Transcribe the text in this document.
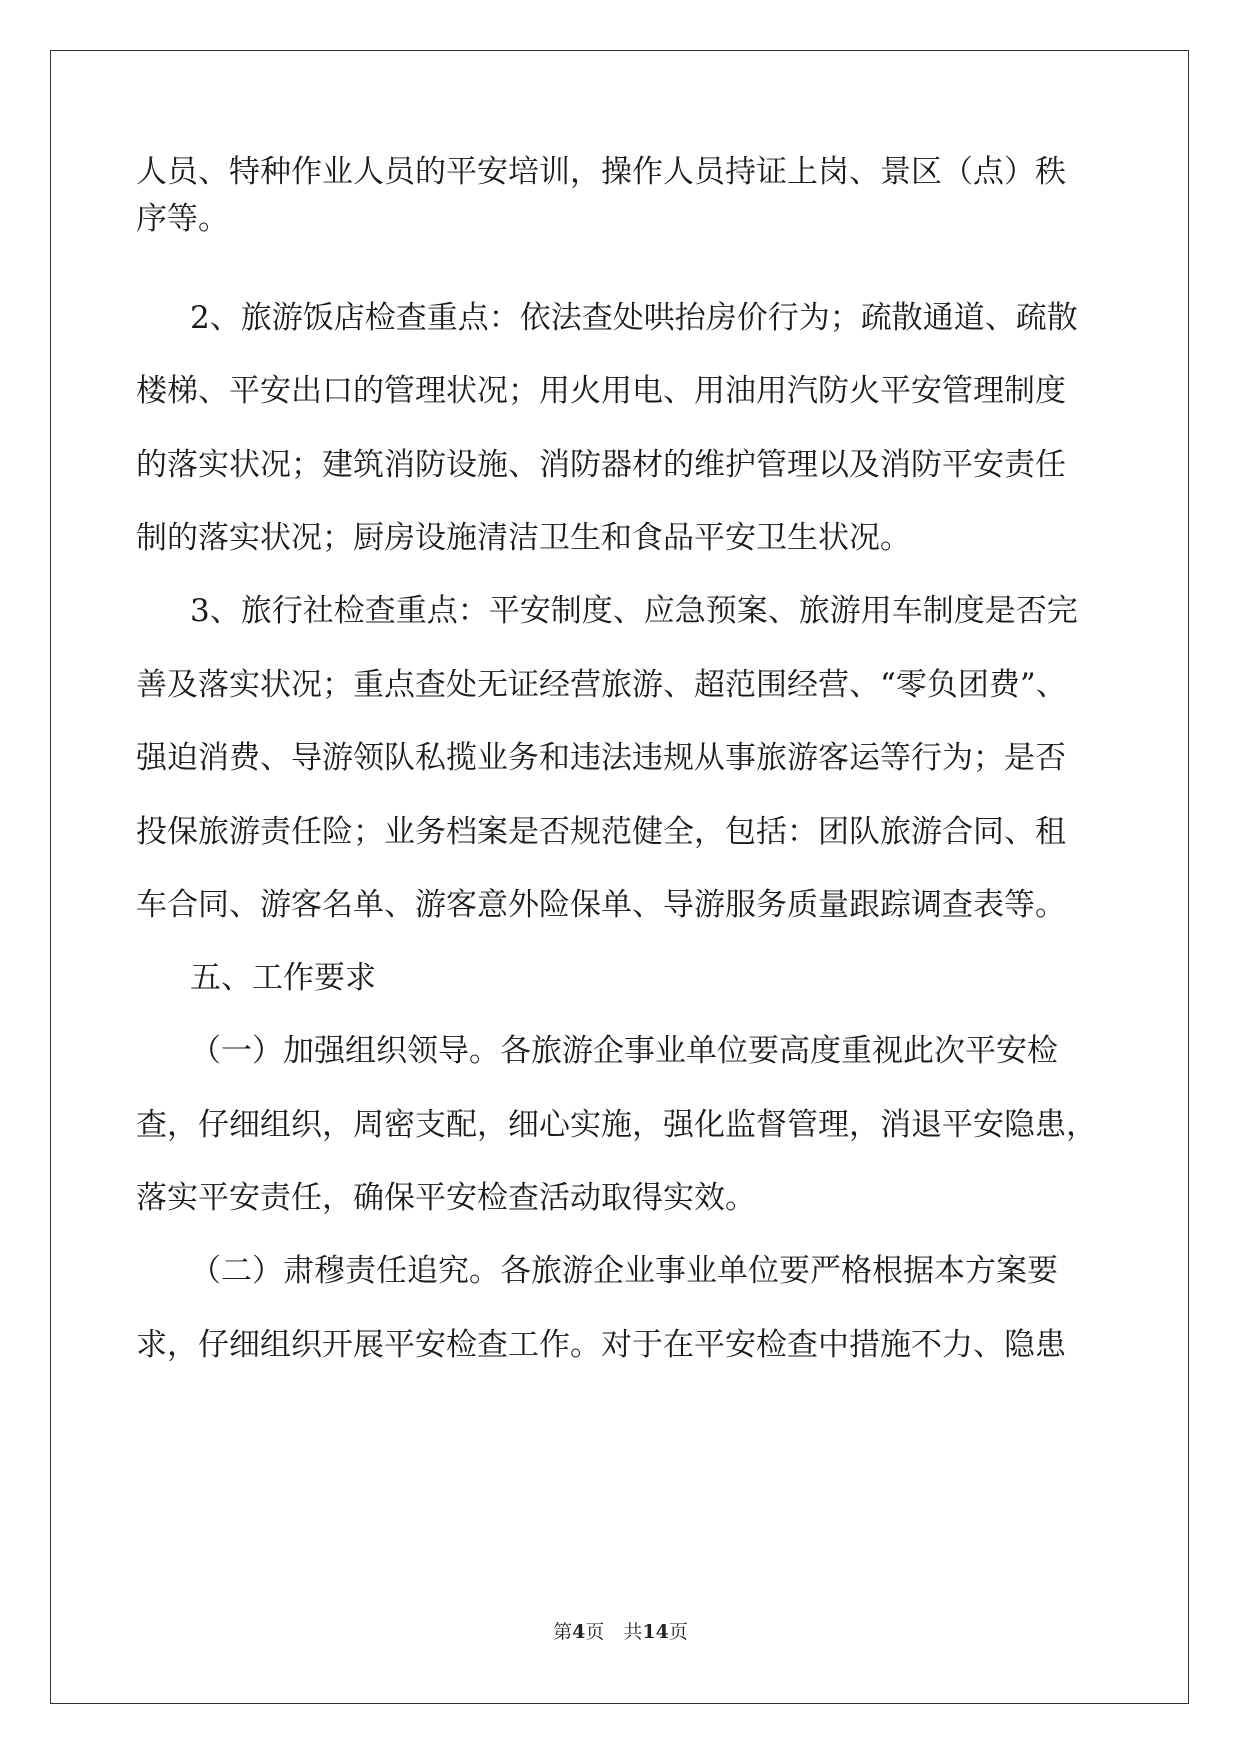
人员、特种作业人员的平安培训，操作人员持证上岗、景区（点）秩
序等。
2、旅游饭店检查重点：依法查处哄抬房价行为；疏散通道、疏散
楼梯、平安出口的管理状况；用火用电、用油用汽防火平安管理制度
的落实状况；建筑消防设施、消防器材的维护管理以及消防平安责任
制的落实状况；厨房设施清洁卫生和食品平安卫生状况。
3、旅行社检查重点：平安制度、应急预案、旅游用车制度是否完
善及落实状况；重点查处无证经营旅游、超范围经营、“零负团费”、
强迫消费、导游领队私揽业务和违法违规从事旅游客运等行为；是否
投保旅游责任险；业务档案是否规范健全，包括：团队旅游合同、租
车合同、游客名单、游客意外险保单、导游服务质量跟踪调查表等。
五、工作要求
（一）加强组织领导。各旅游企事业单位要高度重视此次平安检
查，仔细组织，周密支配，细心实施，强化监督管理，消退平安隐患，
落实平安责任，确保平安检查活动取得实效。
（二）肃穆责任追究。各旅游企业事业单位要严格根据本方案要
求，仔细组织开展平安检查工作。对于在平安检查中措施不力、隐患
第4页　共14页
